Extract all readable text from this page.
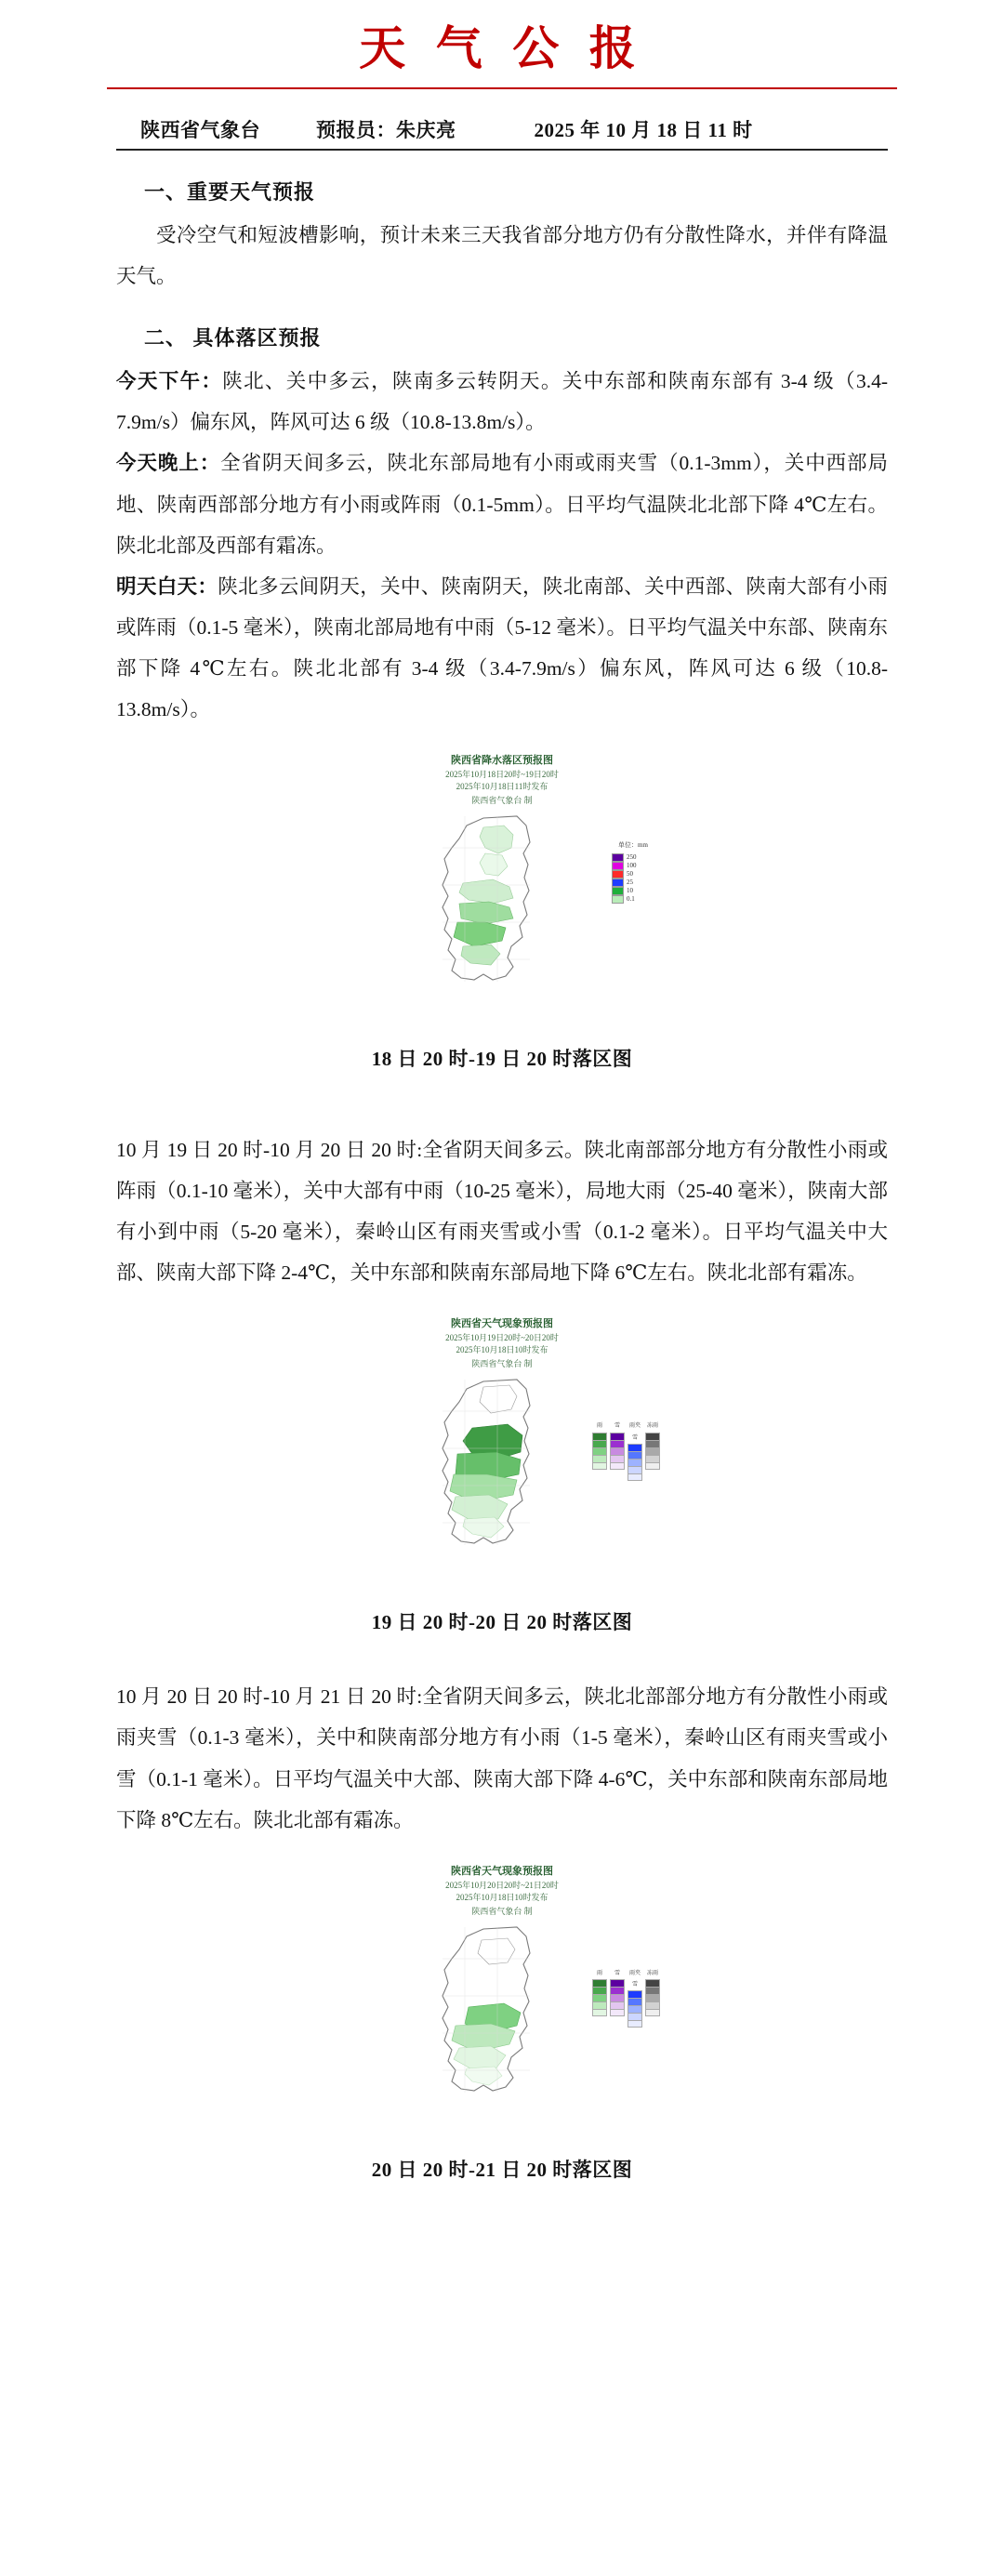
天 气 公 报
陕西省气象台	预报员：朱庆亮	2025 年 10 月 18 日 11 时
一、重要天气预报

受冷空气和短波槽影响，预计未来三天我省部分地方仍有分散性降水，并伴有降温天气。

二、 具体落区预报

今天下午：陕北、关中多云，陕南多云转阴天。关中东部和陕南东部有 3-4 级（3.4-7.9m/s）偏东风，阵风可达 6 级（10.8-13.8m/s）。

今天晚上：全省阴天间多云，陕北东部局地有小雨或雨夹雪（0.1-3mm），关中西部局地、陕南西部部分地方有小雨或阵雨（0.1-5mm）。日平均气温陕北北部下降 4℃左右。陕北北部及西部有霜冻。

明天白天：陕北多云间阴天，关中、陕南阴天，陕北南部、关中西部、陕南大部有小雨或阵雨（0.1-5 毫米），陕南北部局地有中雨（5-12 毫米）。日平均气温关中东部、陕南东部下降 4℃左右。陕北北部有 3-4 级（3.4-7.9m/s）偏东风，阵风可达 6 级（10.8-13.8m/s）。

陕西省降水落区预报图
2025年10月18日20时~19日20时
2025年10月18日11时发布
陕西省气象台 制
单位：mm
250
100
50
25
10
0.1
18 日 20 时-19 日 20 时落区图

10 月 19 日 20 时-10 月 20 日 20 时:全省阴天间多云。陕北南部部分地方有分散性小雨或阵雨（0.1-10 毫米），关中大部有中雨（10-25 毫米），局地大雨（25-40 毫米），陕南大部有小到中雨（5-20 毫米），秦岭山区有雨夹雪或小雪（0.1-2 毫米）。日平均气温关中大部、陕南大部下降 2-4℃，关中东部和陕南东部局地下降 6℃左右。陕北北部有霜冻。

陕西省天气现象预报图
2025年10月19日20时~20日20时
2025年10月18日10时发布
陕西省气象台 制
雨	雪	雨夹雪
冻雨
19 日 20 时-20 日 20 时落区图

10 月 20 日 20 时-10 月 21 日 20 时:全省阴天间多云，陕北北部部分地方有分散性小雨或雨夹雪（0.1-3 毫米），关中和陕南部分地方有小雨（1-5 毫米），秦岭山区有雨夹雪或小雪（0.1-1 毫米）。日平均气温关中大部、陕南大部下降 4-6℃，关中东部和陕南东部局地下降 8℃左右。陕北北部有霜冻。

陕西省天气现象预报图
2025年10月20日20时~21日20时
2025年10月18日10时发布
陕西省气象台 制
雨	雪	雨夹雪
冻雨
20 日 20 时-21 日 20 时落区图
